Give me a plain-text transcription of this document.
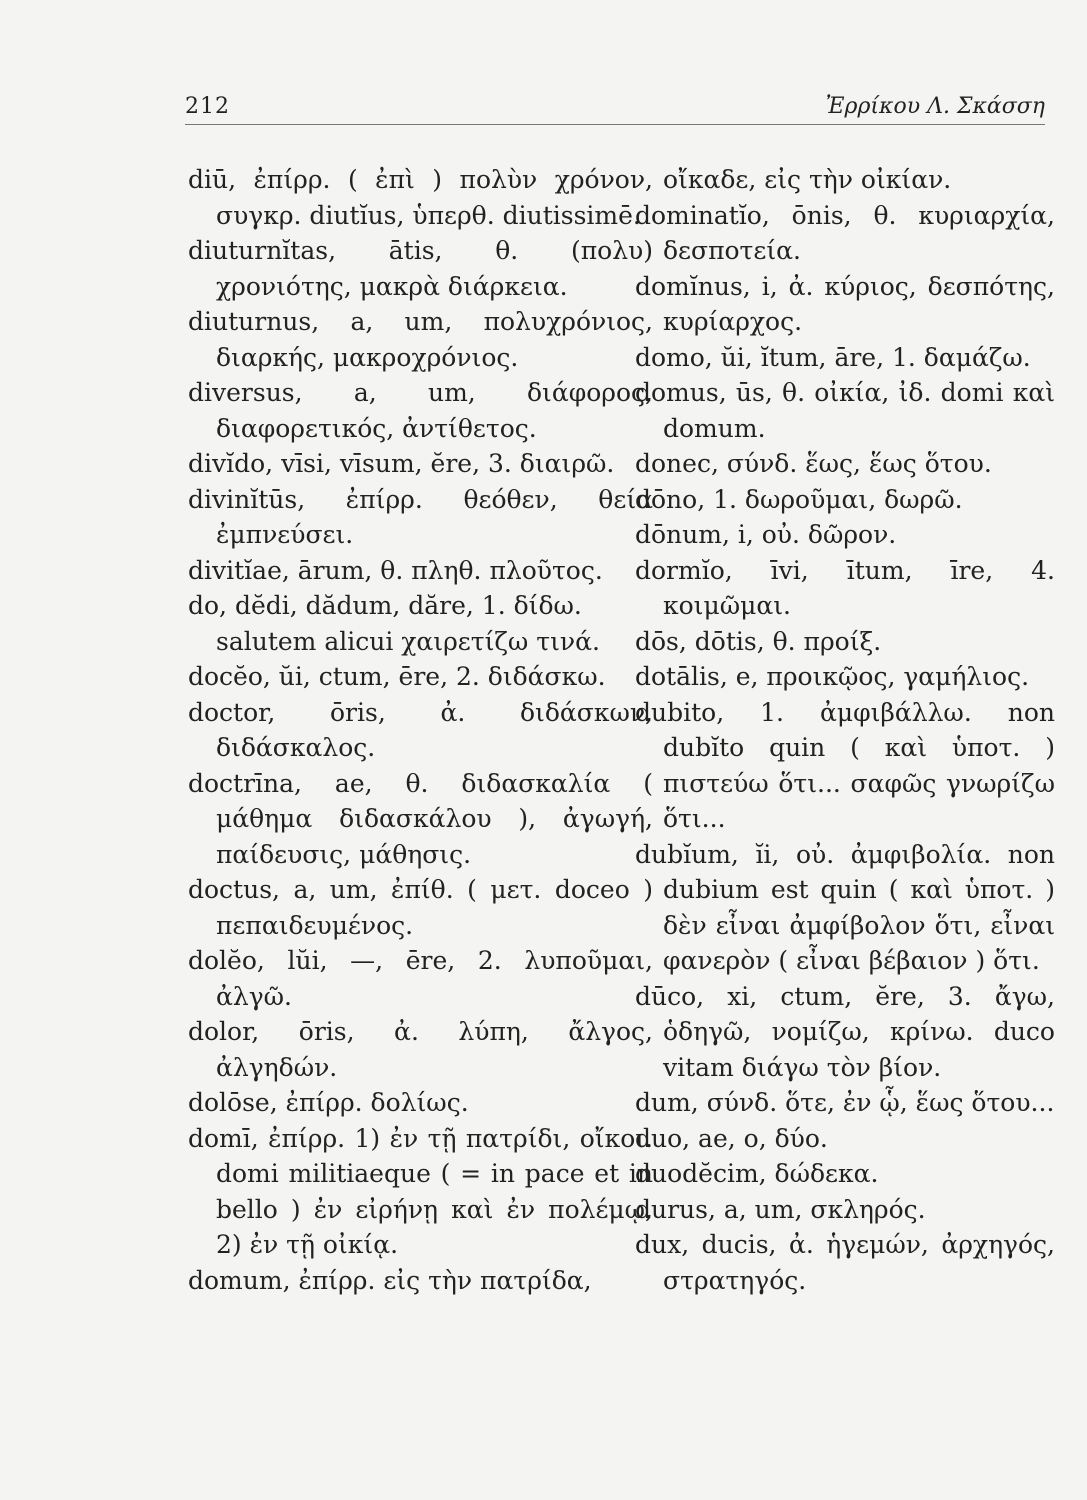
212	Ἐρρίκου Λ. Σκάσση
diū, ἐπίρρ. ( ἐπὶ ) πολὺν χρόνον, συγκρ. diutĭus, ὑπερθ. diutissimē.
diuturnĭtas, ātis, θ. (πολυ) χρονιότης, μακρὰ διάρκεια.
diuturnus, a, um, πολυχρόνιος, διαρκής, μακροχρόνιος.
diversus, a, um, διάφορος, διαφορετικός, ἀντίθετος.
divĭdo, vīsi, vīsum, ĕre, 3. διαιρῶ.
divinĭtūs, ἐπίρρ. θεόθεν, θεία ἐμπνεύσει.
divitĭae, ārum, θ. πληθ. πλοῦτος.
do, dĕdi, dădum, dăre, 1. δίδω.
salutem alicui χαιρετίζω τινά.
docĕo, ŭi, ctum, ēre, 2. διδάσκω.
doctor, ōris, ἀ. διδάσκων, διδάσκαλος.
doctrīna, ae, θ. διδασκαλία ( μάθημα διδασκάλου ), ἀγωγή, παίδευσις, μάθησις.
doctus, a, um, ἐπίθ. ( μετ. doceo ) πεπαιδευμένος.
dolĕo, lŭi, —, ēre, 2. λυποῦμαι, ἀλγῶ.
dolor, ōris, ἀ. λύπη, ἄλγος, ἀλγηδών.
dolōse, ἐπίρρ. δολίως.
domī, ἐπίρρ. 1) ἐν τῇ πατρίδι, οἴκοι. domi militiaeque ( = in pace et in bello ) ἐν εἰρήνῃ καὶ ἐν πολέμῳ, 2) ἐν τῇ οἰκίᾳ.
domum, ἐπίρρ. εἰς τὴν πατρίδα,
οἴκαδε, εἰς τὴν οἰκίαν.
dominatĭo, ōnis, θ. κυριαρχία, δεσποτεία.
domĭnus, i, ἀ. κύριος, δεσπότης, κυρίαρχος.
domo, ŭi, ĭtum, āre, 1. δαμάζω.
domus, ūs, θ. οἰκία, ἰδ. domi καὶ domum.
donec, σύνδ. ἕως, ἕως ὅτου.
dōno, 1. δωροῦμαι, δωρῶ.
dōnum, i, οὐ. δῶρον.
dormĭo, īvi, ītum, īre, 4. κοιμῶμαι.
dōs, dōtis, θ. προίξ.
dotālis, e, προικῷος, γαμήλιος.
dubito, 1. ἀμφιβάλλω. non dubĭto quin ( καὶ ὑποτ. ) πιστεύω ὅτι... σαφῶς γνωρίζω ὅτι...
dubĭum, ĭi, οὐ. ἀμφιβολία. non dubium est quin ( καὶ ὑποτ. ) δὲν εἶναι ἀμφίβολον ὅτι, εἶναι φανερὸν ( εἶναι βέβαιον ) ὅτι.
dūco, xi, ctum, ĕre, 3. ἄγω, ὁδηγῶ, νομίζω, κρίνω. duco vitam διάγω τὸν βίον.
dum, σύνδ. ὅτε, ἐν ᾧ, ἕως ὅτου...
duo, ae, o, δύο.
duodĕcim, δώδεκα.
durus, a, um, σκληρός.
dux, ducis, ἀ. ἡγεμών, ἀρχηγός, στρατηγός.
